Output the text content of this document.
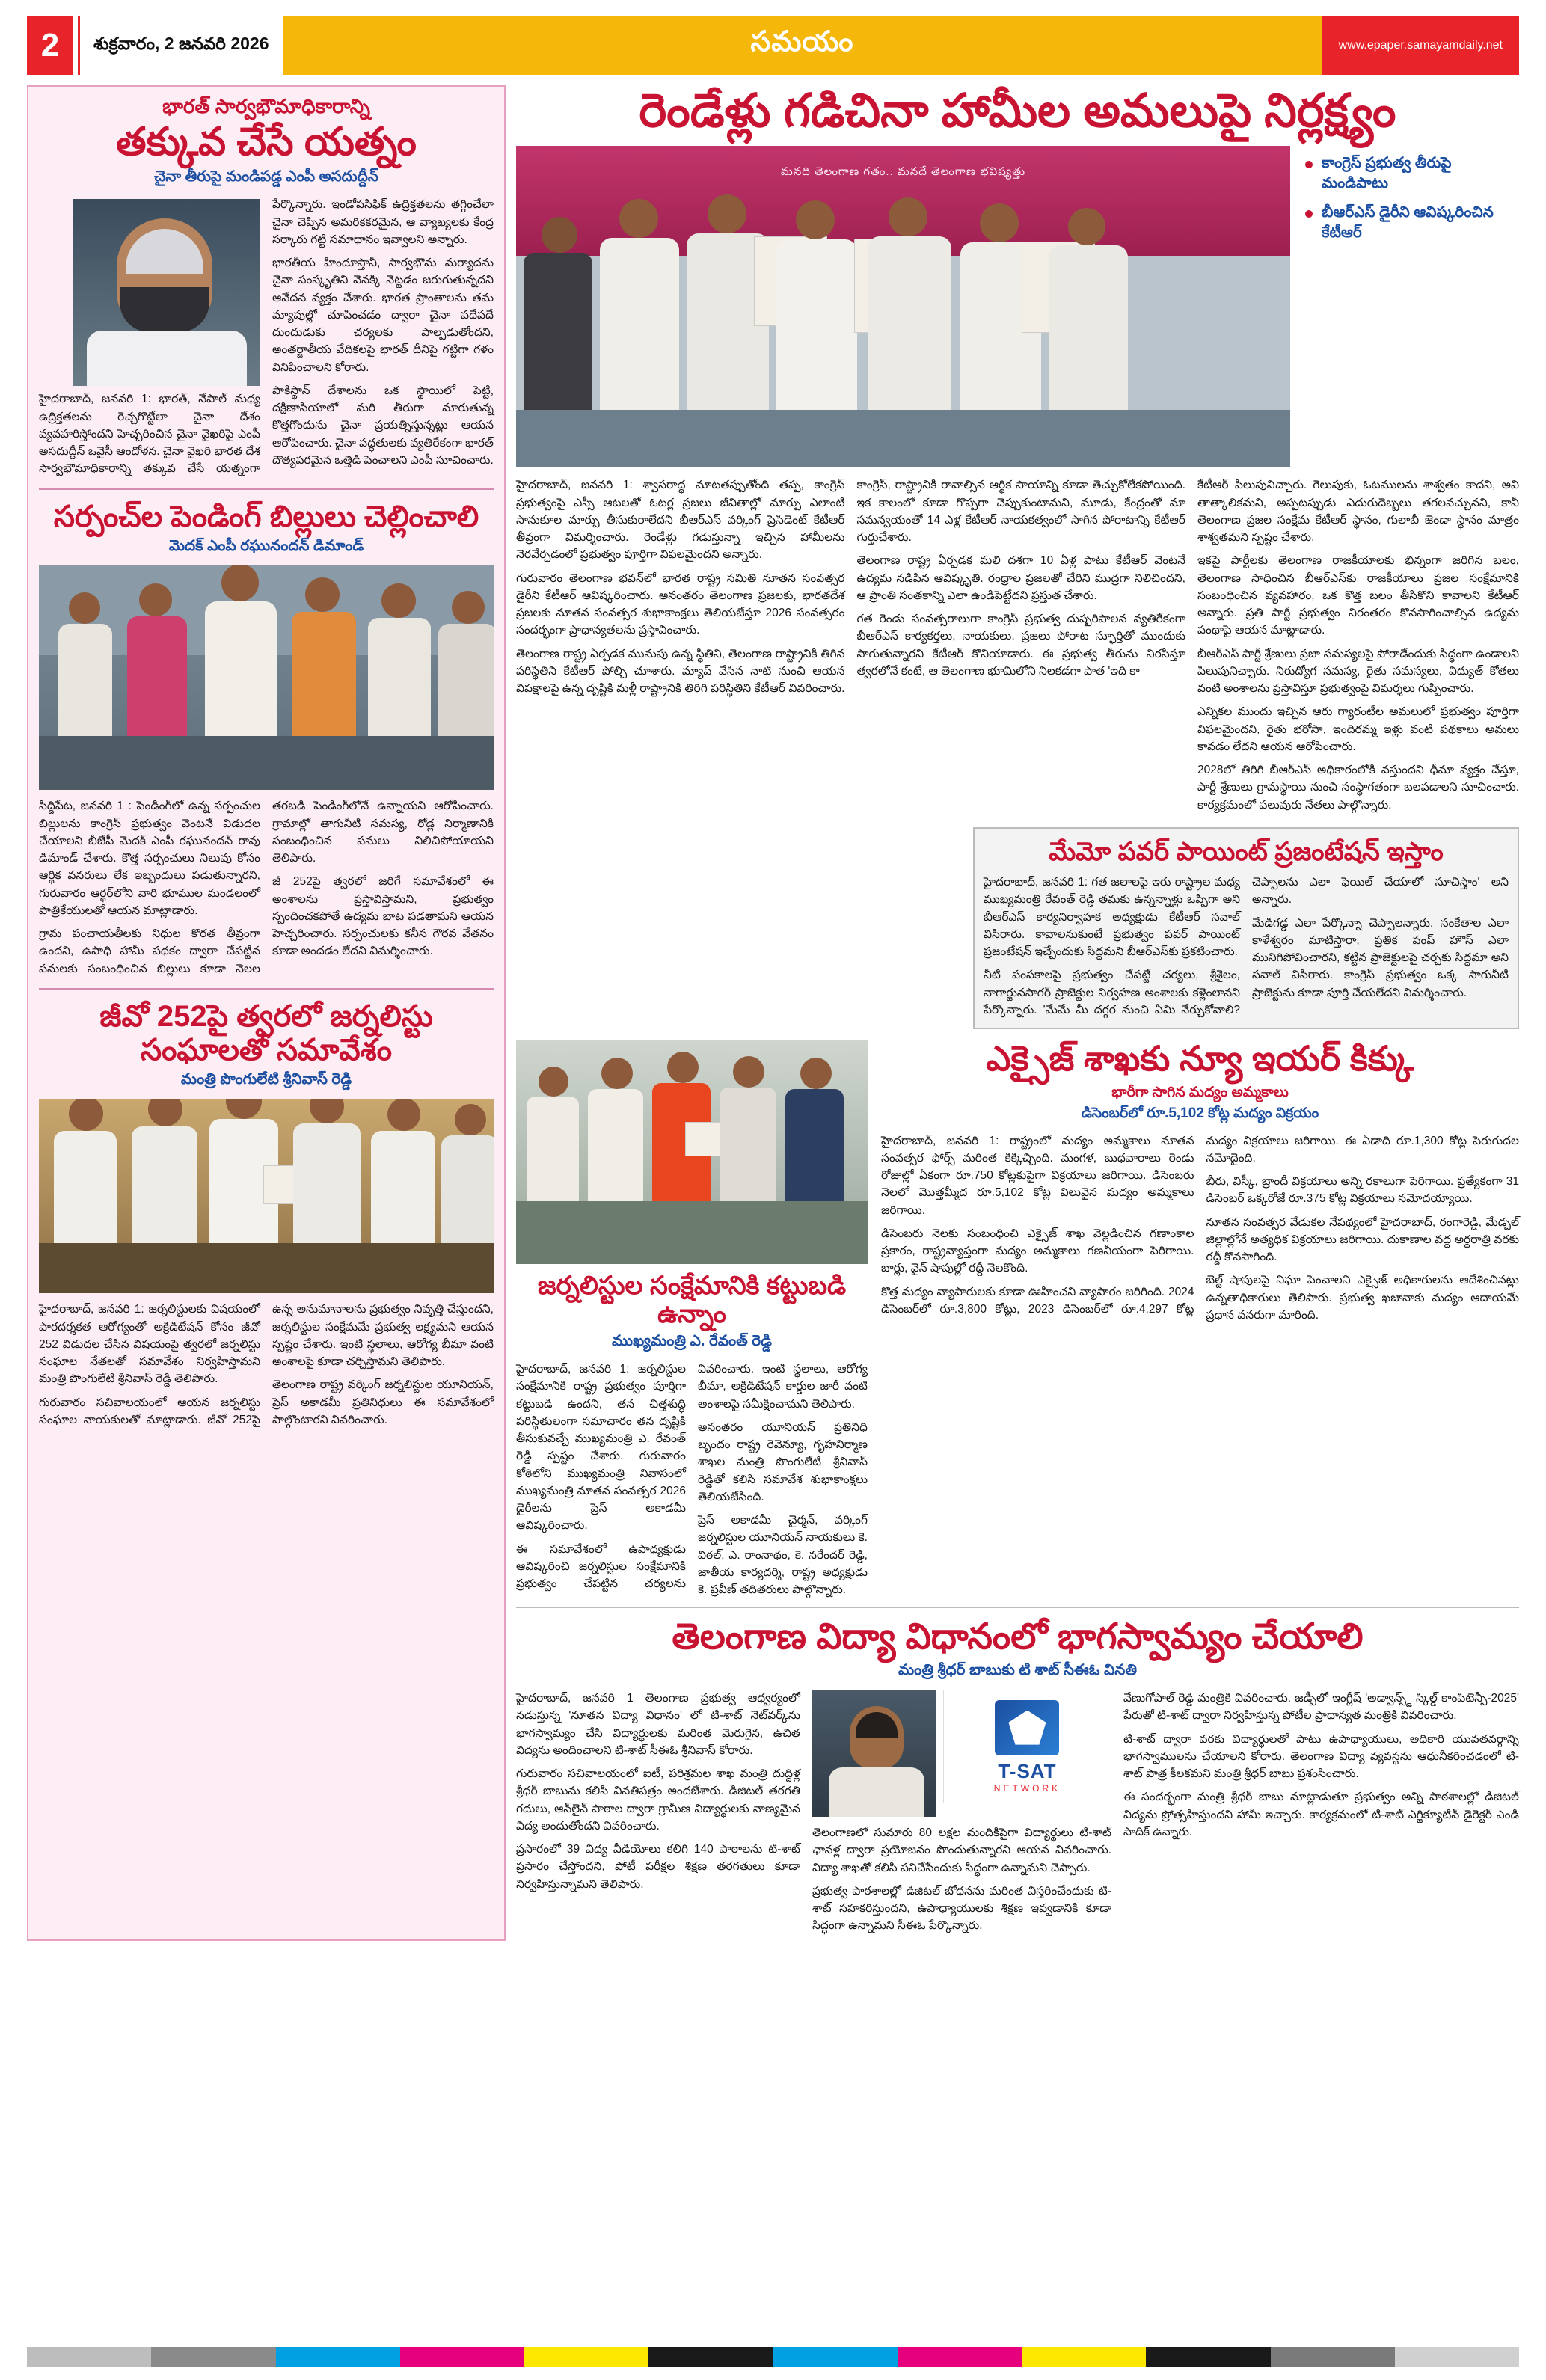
2	శుక్రవారం, 2 జనవరి 2026	సమయం	www.epaper.samayamdaily.net
భారత్ సార్వభౌమాధికారాన్ని
తక్కువ చేసే యత్నం
చైనా తీరుపై మండిపడ్డ ఎంపీ అసదుద్దీన్

హైదరాబాద్, జనవరి 1: భారత్, నేపాల్ మధ్య ఉద్రిక్తతలను రెచ్చగొట్టేలా చైనా దేశం వ్యవహరిస్తోందని హెచ్చరించిన చైనా వైఖరిపై ఎంపీ అసదుద్దీన్ ఒవైసీ ఆందోళన. చైనా వైఖరి భారత దేశ సార్వభౌమాధికారాన్ని తక్కువ చేసే యత్నంగా పేర్కొన్నారు. ఇండోపసిఫిక్ ఉద్రిక్తతలను తగ్గించేలా చైనా చెప్పిన అమరికకరమైన, ఆ వ్యాఖ్యలకు కేంద్ర సర్కారు గట్టి సమాధానం ఇవ్వాలని అన్నారు.

భారతీయ హిందూస్తానీ, సార్వభౌమ మర్యాదను చైనా సంస్కృతిని వెనక్కి నెట్టడం జరుగుతున్నదని ఆవేదన వ్యక్తం చేశారు. భారత ప్రాంతాలను తమ మ్యాపుల్లో చూపించడం ద్వారా చైనా పదేపదే దుందుడుకు చర్యలకు పాల్పడుతోందని, అంతర్జాతీయ వేదికలపై భారత్ దీనిపై గట్టిగా గళం వినిపించాలని కోరారు.

పాకిస్థాన్ దేశాలను ఒక స్థాయిలో పెట్టి, దక్షిణాసియాలో మరి తీరుగా మారుతున్న కొత్తగొందును చైనా ప్రయత్నిస్తున్నట్లు ఆయన ఆరోపించారు. చైనా పద్ధతులకు వ్యతిరేకంగా భారత్ దౌత్యపరమైన ఒత్తిడి పెంచాలని ఎంపీ సూచించారు.

సర్పంచ్‌ల పెండింగ్ బిల్లులు చెల్లించాలి
మెదక్ ఎంపీ రఘునందన్ డిమాండ్

సిద్దిపేట, జనవరి 1 : పెండింగ్‌లో ఉన్న సర్పంచుల బిల్లులను కాంగ్రెస్ ప్రభుత్వం వెంటనే విడుదల చేయాలని బీజేపీ మెదక్ ఎంపీ రఘునందన్ రావు డిమాండ్ చేశారు. కొత్త సర్పంచులు నిలువు కోసం ఆర్థిక వనరులు లేక ఇబ్బందులు పడుతున్నారని, గురువారం ఆర్థర్‌లోని వారి భూముల మండలంలో పాత్రికేయులతో ఆయన మాట్లాడారు.

గ్రామ పంచాయతీలకు నిధుల కొరత తీవ్రంగా ఉందని, ఉపాధి హామీ పథకం ద్వారా చేపట్టిన పనులకు సంబంధించిన బిల్లులు కూడా నెలల తరబడి పెండింగ్‌లోనే ఉన్నాయని ఆరోపించారు. గ్రామాల్లో తాగునీటి సమస్య, రోడ్ల నిర్మాణానికి సంబంధించిన పనులు నిలిచిపోయాయని తెలిపారు.

జీ 252పై త్వరలో జరిగే సమావేశంలో ఈ అంశాలను ప్రస్తావిస్తామని, ప్రభుత్వం స్పందించకపోతే ఉద్యమ బాట పడతామని ఆయన హెచ్చరించారు. సర్పంచులకు కనీస గౌరవ వేతనం కూడా అందడం లేదని విమర్శించారు.

జీవో 252పై త్వరలో జర్నలిస్టు సంఘాలతో సమావేశం
మంత్రి పొంగులేటి శ్రీనివాస్ రెడ్డి

హైదరాబాద్, జనవరి 1: జర్నలిస్టులకు విషయంలో పారదర్శకత ఆరోగ్యంతో అక్రిడిటేషన్ కోసం జీవో 252 విడుదల చేసిన విషయంపై త్వరలో జర్నలిస్టు సంఘాల నేతలతో సమావేశం నిర్వహిస్తామని మంత్రి పొంగులేటి శ్రీనివాస్ రెడ్డి తెలిపారు.

గురువారం సచివాలయంలో ఆయన జర్నలిస్టు సంఘాల నాయకులతో మాట్లాడారు. జీవో 252పై ఉన్న అనుమానాలను ప్రభుత్వం నివృత్తి చేస్తుందని, జర్నలిస్టుల సంక్షేమమే ప్రభుత్వ లక్ష్యమని ఆయన స్పష్టం చేశారు. ఇంటి స్థలాలు, ఆరోగ్య బీమా వంటి అంశాలపై కూడా చర్చిస్తామని తెలిపారు.

తెలంగాణ రాష్ట్ర వర్కింగ్ జర్నలిస్టుల యూనియన్, ప్రెస్ అకాడమీ ప్రతినిధులు ఈ సమావేశంలో పాల్గొంటారని వివరించారు.

రెండేళ్లు గడిచినా హామీల అమలుపై నిర్లక్ష్యం
మనది తెలంగాణ గతం.. మనదే తెలంగాణ భవిష్యత్తు
కాంగ్రెస్ ప్రభుత్వ తీరుపై మండిపాటు
బీఆర్ఎస్ డైరీని ఆవిష్కరించిన కేటీఆర్

హైదరాబాద్, జనవరి 1: శ్వాసరాద్ధ మాటతప్పుతోంది తప్ప, కాంగ్రెస్ ప్రభుత్వంపై ఎస్సీ ఆటలతో ఓటర్ల ప్రజలు జీవితాల్లో మార్పు ఎలాంటి సానుకూల మార్పు తీసుకురాలేదని బీఆర్ఎస్ వర్కింగ్ ప్రెసిడెంట్ కేటీఆర్ తీవ్రంగా విమర్శించారు. రెండేళ్లు గడుస్తున్నా ఇచ్చిన హామీలను నెరవేర్చడంలో ప్రభుత్వం పూర్తిగా విఫలమైందని అన్నారు.

గురువారం తెలంగాణ భవన్‌లో భారత రాష్ట్ర సమితి నూతన సంవత్సర డైరీని కేటీఆర్ ఆవిష్కరించారు. అనంతరం తెలంగాణ ప్రజలకు, భారతదేశ ప్రజలకు నూతన సంవత్సర శుభాకాంక్షలు తెలియజేస్తూ 2026 సంవత్సరం సందర్భంగా ప్రాధాన్యతలను ప్రస్తావించారు.

తెలంగాణ రాష్ట్ర ఏర్పడక మునుపు ఉన్న స్థితిని, తెలంగాణ రాష్ట్రానికి తిగిన పరిస్థితిని కేటీఆర్ పోల్చి చూశారు. మ్యాప్ వేసిన నాటి నుంచి ఆయన విపక్షాలపై ఉన్న దృష్టికి మళ్లీ రాష్ట్రానికి తిరిగి పరిస్థితిని కేటీఆర్ వివరించారు.

కాంగ్రెస్, రాష్ట్రానికి రావాల్సిన ఆర్థిక సాయాన్ని కూడా తెచ్చుకోలేకపోయింది. ఇక కాలంలో కూడా గొప్పగా చెప్పుకుంటామని, మూడు, కేంద్రంతో మా సమన్వయంతో 14 ఎళ్ల కేటీఆర్ నాయకత్వంలో సాగిన పోరాటాన్ని కేటీఆర్ గుర్తుచేశారు.

తెలంగాణ రాష్ట్ర ఏర్పడక మలి దశగా 10 ఏళ్ల పాటు కేటీఆర్ వెంటనే ఉద్యమ నడిపిన ఆవిష్కృతి. రంధ్రాల ప్రజలతో చేరిని ముద్రగా నిలిచిందని, ఆ ప్రాంతి సంతకాన్ని ఎలా ఉండిపెట్టేదని ప్రస్తుత చేశారు.

గత రెండు సంవత్సరాలుగా కాంగ్రెస్ ప్రభుత్వ దుష్పరిపాలన వ్యతిరేకంగా బీఆర్ఎస్ కార్యకర్తలు, నాయకులు, ప్రజలు పోరాట స్ఫూర్తితో ముందుకు సాగుతున్నారని కేటీఆర్ కొనియాడారు. ఈ ప్రభుత్వ తీరును నిరసిస్తూ త్వరలోనే కంటే, ఆ తెలంగాణ భూమిలోని నిలకడగా పాత 'ఇది కా

కేటీఆర్ పిలుపునిచ్చారు. గెలుపుకు, ఓటములను శాశ్వతం కాదని, అవి తాత్కాలికమని, అప్పటప్పుడు ఎదురుదెబ్బలు తగలవచ్చునని, కానీ తెలంగాణ ప్రజల సంక్షేమ కేటీఆర్ స్థానం, గులాబీ జెండా స్థానం మాత్రం శాశ్వతమని స్పష్టం చేశారు.

ఇకపై పార్టీలకు తెలంగాణ రాజకీయాలకు భిన్నంగా జరిగిన బలం, తెలంగాణ సాధించిన బీఆర్ఎస్‌కు రాజకీయాలు ప్రజల సంక్షేమానికి సంబంధించిన వ్యవహారం, ఒక కొత్త బలం తీసికొని కావాలని కేటీఆర్ అన్నారు. ప్రతి పార్టీ ప్రభుత్వం నిరంతరం కొనసాగించాల్సిన ఉద్యమ పంథాపై ఆయన మాట్లాడారు.

బీఆర్ఎస్ పార్టీ శ్రేణులు ప్రజా సమస్యలపై పోరాడేందుకు సిద్ధంగా ఉండాలని పిలుపునిచ్చారు. నిరుద్యోగ సమస్య, రైతు సమస్యలు, విద్యుత్ కోతలు వంటి అంశాలను ప్రస్తావిస్తూ ప్రభుత్వంపై విమర్శలు గుప్పించారు.

ఎన్నికల ముందు ఇచ్చిన ఆరు గ్యారంటీల అమలులో ప్రభుత్వం పూర్తిగా విఫలమైందని, రైతు భరోసా, ఇందిరమ్మ ఇళ్లు వంటి పథకాలు అమలు కావడం లేదని ఆయన ఆరోపించారు.

2028లో తిరిగి బీఆర్ఎస్ అధికారంలోకి వస్తుందని ధీమా వ్యక్తం చేస్తూ, పార్టీ శ్రేణులు గ్రామస్థాయి నుంచి సంస్థాగతంగా బలపడాలని సూచించారు. కార్యక్రమంలో పలువురు నేతలు పాల్గొన్నారు.

మేమో పవర్ పాయింట్ ప్రజంటేషన్ ఇస్తాం

హైదరాబాద్, జనవరి 1: గత జలాలపై ఇరు రాష్ట్రాల మధ్య ముఖ్యమంత్రి రేవంత్ రెడ్డి తమకు ఉన్నన్నాళ్లు ఒప్పిగా అని బీఆర్ఎస్ కార్యనిర్వాహక అధ్యక్షుడు కేటీఆర్ సవాల్ విసిరారు. కావాలనుకుంటే ప్రభుత్వం పవర్ పాయింట్ ప్రజంటేషన్ ఇచ్చేందుకు సిద్ధమని బీఆర్ఎస్‌కు ప్రకటించారు.

నీటి పంపకాలపై ప్రభుత్వం చేపట్టే చర్యలు, శ్రీశైలం, నాగార్జునసాగర్ ప్రాజెక్టుల నిర్వహణ అంశాలకు కళ్లెంలానని పేర్కొన్నారు. 'మేమే మీ దగ్గర నుంచి ఏమి నేర్చుకోవాలి? చెప్పాలను ఎలా ఫెయిల్ చేయాలో సూచిస్తాం' అని అన్నారు.

మేడిగడ్డ ఎలా పేర్కొన్నా చెప్పాలన్నారు. సంకేతాల ఎలా కాళేశ్వరం మాటిస్తారా, ప్రతిక పంప్ హౌస్ ఎలా మునిగిపోవించారని, కట్టిన ప్రాజెక్టులపై చర్చకు సిద్ధమా అని సవాల్ విసిరారు. కాంగ్రెస్ ప్రభుత్వం ఒక్క సాగునీటి ప్రాజెక్టును కూడా పూర్తి చేయలేదని విమర్శించారు.

జర్నలిస్టుల సంక్షేమానికి కట్టుబడి ఉన్నాం
ముఖ్యమంత్రి ఎ. రేవంత్ రెడ్డి

హైదరాబాద్, జనవరి 1: జర్నలిస్టుల సంక్షేమానికి రాష్ట్ర ప్రభుత్వం పూర్తిగా కట్టుబడి ఉందని, తన చిత్తశుద్ధి పరిస్థితులంగా సమాచారం తన దృష్టికి తీసుకువచ్చే ముఖ్యమంత్రి ఎ. రేవంత్ రెడ్డి స్పష్టం చేశారు. గురువారం కోఠిలోని ముఖ్యమంత్రి నివాసంలో ముఖ్యమంత్రి నూతన సంవత్సర 2026 డైరీలను ప్రెస్ అకాడమీ ఆవిష్కరించారు.

ఈ సమావేశంలో ఉపాధ్యక్షుడు ఆవిష్కరించి జర్నలిస్టుల సంక్షేమానికి ప్రభుత్వం చేపట్టిన చర్యలను వివరించారు. ఇంటి స్థలాలు, ఆరోగ్య బీమా, అక్రిడిటేషన్ కార్డుల జారీ వంటి అంశాలపై సమీక్షించామని తెలిపారు.

అనంతరం యూనియన్ ప్రతినిధి బృందం రాష్ట్ర రెవెన్యూ, గృహనిర్మాణ శాఖల మంత్రి పొంగులేటి శ్రీనివాస్ రెడ్డితో కలిసి సమావేశ శుభాకాంక్షలు తెలియజేసింది.

ప్రెస్ అకాడమీ చైర్మన్, వర్కింగ్ జర్నలిస్టుల యూనియన్ నాయకులు కె. విఠల్, ఎ. రాంనాథం, కె. నరేందర్ రెడ్డి, జాతీయ కార్యదర్శి, రాష్ట్ర అధ్యక్షుడు కె. ప్రవీణ్ తదితరులు పాల్గొన్నారు.

ఎక్సైజ్ శాఖకు న్యూ ఇయర్ కిక్కు
భారీగా సాగిన మద్యం అమ్మకాలు
డిసెంబర్‌లో రూ.5,102 కోట్ల మద్యం విక్రయం

హైదరాబాద్, జనవరి 1: రాష్ట్రంలో మద్యం అమ్మకాలు నూతన సంవత్సర ఫోర్స్ మరింత కిక్కిచ్చింది. మంగళ, బుధవారాలు రెండు రోజుల్లో ఏకంగా రూ.750 కోట్లకుపైగా విక్రయాలు జరిగాయి. డిసెంబరు నెలలో మొత్తమ్మీద రూ.5,102 కోట్ల విలువైన మద్యం అమ్మకాలు జరిగాయి.

డిసెంబరు నెలకు సంబంధించి ఎక్సైజ్ శాఖ వెల్లడించిన గణాంకాల ప్రకారం, రాష్ట్రవ్యాప్తంగా మద్యం అమ్మకాలు గణనీయంగా పెరిగాయి. బార్లు, వైన్ షాపుల్లో రద్దీ నెలకొంది.

కొత్త మద్యం వ్యాపారులకు కూడా ఊహించని వ్యాపారం జరిగింది. 2024 డిసెంబర్‌లో రూ.3,800 కోట్లు, 2023 డిసెంబర్‌లో రూ.4,297 కోట్ల మద్యం విక్రయాలు జరిగాయి. ఈ ఏడాది రూ.1,300 కోట్ల పెరుగుదల నమోదైంది.

బీరు, విస్కీ, బ్రాందీ విక్రయాలు అన్ని రకాలుగా పెరిగాయి. ప్రత్యేకంగా 31 డిసెంబర్ ఒక్కరోజే రూ.375 కోట్ల విక్రయాలు నమోదయ్యాయి.

నూతన సంవత్సర వేడుకల నేపథ్యంలో హైదరాబాద్, రంగారెడ్డి, మేడ్చల్ జిల్లాల్లోనే అత్యధిక విక్రయాలు జరిగాయి. దుకాణాల వద్ద అర్ధరాత్రి వరకు రద్దీ కొనసాగింది.

బెల్ట్ షాపులపై నిఘా పెంచాలని ఎక్సైజ్ అధికారులను ఆదేశించినట్లు ఉన్నతాధికారులు తెలిపారు. ప్రభుత్వ ఖజానాకు మద్యం ఆదాయమే ప్రధాన వనరుగా మారింది.

తెలంగాణ విద్యా విధానంలో భాగస్వామ్యం చేయాలి
మంత్రి శ్రీధర్ బాబుకు టి శాట్ సీఈఓ వినతి

హైదరాబాద్, జనవరి 1 తెలంగాణ ప్రభుత్వ ఆధ్వర్యంలో నడుస్తున్న 'నూతన విద్యా విధానం' లో టి-శాట్ నెట్‌వర్క్‌ను భాగస్వామ్యం చేసి విద్యార్థులకు మరింత మెరుగైన, ఉచిత విద్యను అందించాలని టి-శాట్ సీఈఓ శ్రీనివాస్ కోరారు.

గురువారం సచివాలయంలో ఐటీ, పరిశ్రమల శాఖ మంత్రి దుద్దిళ్ల శ్రీధర్ బాబును కలిసి వినతిపత్రం అందజేశారు. డిజిటల్ తరగతి గదులు, ఆన్‌లైన్ పాఠాల ద్వారా గ్రామీణ విద్యార్థులకు నాణ్యమైన విద్య అందుతోందని వివరించారు.

ప్రసారంలో 39 విద్య వీడియోలు కలిగి 140 పాఠాలను టి-శాట్ ప్రసారం చేస్తోందని, పోటీ పరీక్షల శిక్షణ తరగతులు కూడా నిర్వహిస్తున్నామని తెలిపారు.

T-SAT
NETWORK

తెలంగాణలో సుమారు 80 లక్షల మందికిపైగా విద్యార్థులు టి-శాట్ ఛానళ్ల ద్వారా ప్రయోజనం పొందుతున్నారని ఆయన వివరించారు. విద్యా శాఖతో కలిసి పనిచేసేందుకు సిద్ధంగా ఉన్నామని చెప్పారు.

ప్రభుత్వ పాఠశాలల్లో డిజిటల్ బోధనను మరింత విస్తరించేందుకు టి-శాట్ సహకరిస్తుందని, ఉపాధ్యాయులకు శిక్షణ ఇవ్వడానికి కూడా సిద్ధంగా ఉన్నామని సీఈఓ పేర్కొన్నారు.

వేణుగోపాల్ రెడ్డి మంత్రికి వివరించారు. జడ్పీలో ఇంగ్లీష్ 'అడ్వాన్స్డ్ స్కిల్డ్ కాంపిటెన్సీ-2025' పేరుతో టి-శాట్ ద్వారా నిర్వహిస్తున్న పోటీల ప్రాధాన్యత మంత్రికి వివరించారు.

టి-శాట్ ద్వారా వరకు విద్యార్థులతో పాటు ఉపాధ్యాయులు, అధికారి యువతవర్గాన్ని భాగస్వాములను చేయాలని కోరారు. తెలంగాణ విద్యా వ్యవస్థను ఆధునీకరించడంలో టి-శాట్ పాత్ర కీలకమని మంత్రి శ్రీధర్ బాబు ప్రశంసించారు.

ఈ సందర్భంగా మంత్రి శ్రీధర్ బాబు మాట్లాడుతూ ప్రభుత్వం అన్ని పాఠశాలల్లో డిజిటల్ విద్యను ప్రోత్సహిస్తుందని హామీ ఇచ్చారు. కార్యక్రమంలో టి-శాట్ ఎగ్జిక్యూటివ్ డైరెక్టర్ ఎండి సాదిక్ ఉన్నారు.
